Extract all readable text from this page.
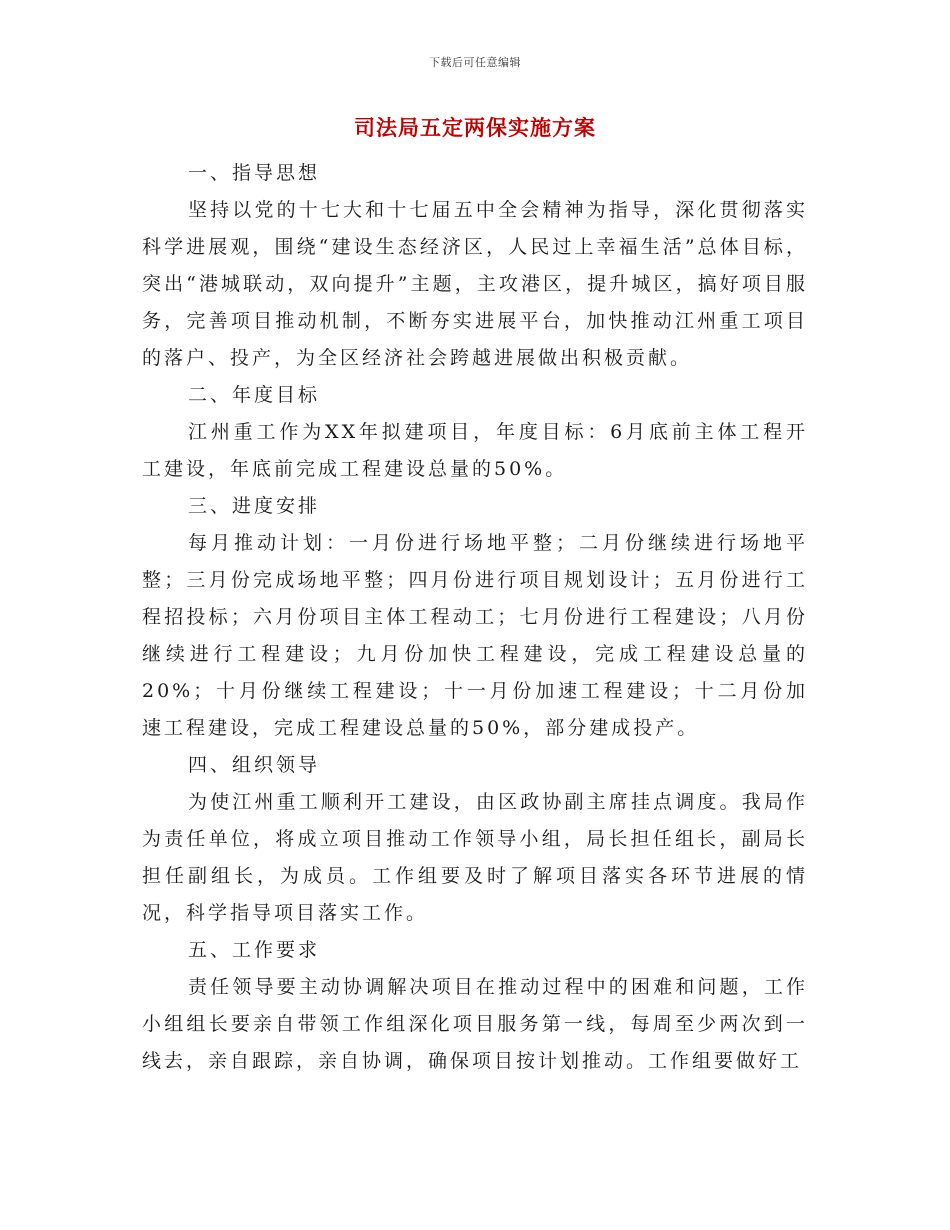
下载后可任意编辑
司法局五定两保实施方案
一、指导思想
坚持以党的十七大和十七届五中全会精神为指导，深化贯彻落实科学进展观，围绕“建设生态经济区，人民过上幸福生活”总体目标，突出“港城联动，双向提升”主题，主攻港区，提升城区，搞好项目服务，完善项目推动机制，不断夯实进展平台，加快推动江州重工项目的落户、投产，为全区经济社会跨越进展做出积极贡献。
二、年度目标
江州重工作为XX年拟建项目，年度目标：6月底前主体工程开工建设，年底前完成工程建设总量的50%。
三、进度安排
每月推动计划：一月份进行场地平整；二月份继续进行场地平整；三月份完成场地平整；四月份进行项目规划设计；五月份进行工程招投标；六月份项目主体工程动工；七月份进行工程建设；八月份继续进行工程建设；九月份加快工程建设，完成工程建设总量的20%；十月份继续工程建设；十一月份加速工程建设；十二月份加速工程建设，完成工程建设总量的50%，部分建成投产。
四、组织领导
为使江州重工顺利开工建设，由区政协副主席挂点调度。我局作为责任单位，将成立项目推动工作领导小组，局长担任组长，副局长担任副组长，为成员。工作组要及时了解项目落实各环节进展的情况，科学指导项目落实工作。
五、工作要求
责任领导要主动协调解决项目在推动过程中的困难和问题，工作小组组长要亲自带领工作组深化项目服务第一线，每周至少两次到一线去，亲自跟踪，亲自协调，确保项目按计划推动。工作组要做好工
